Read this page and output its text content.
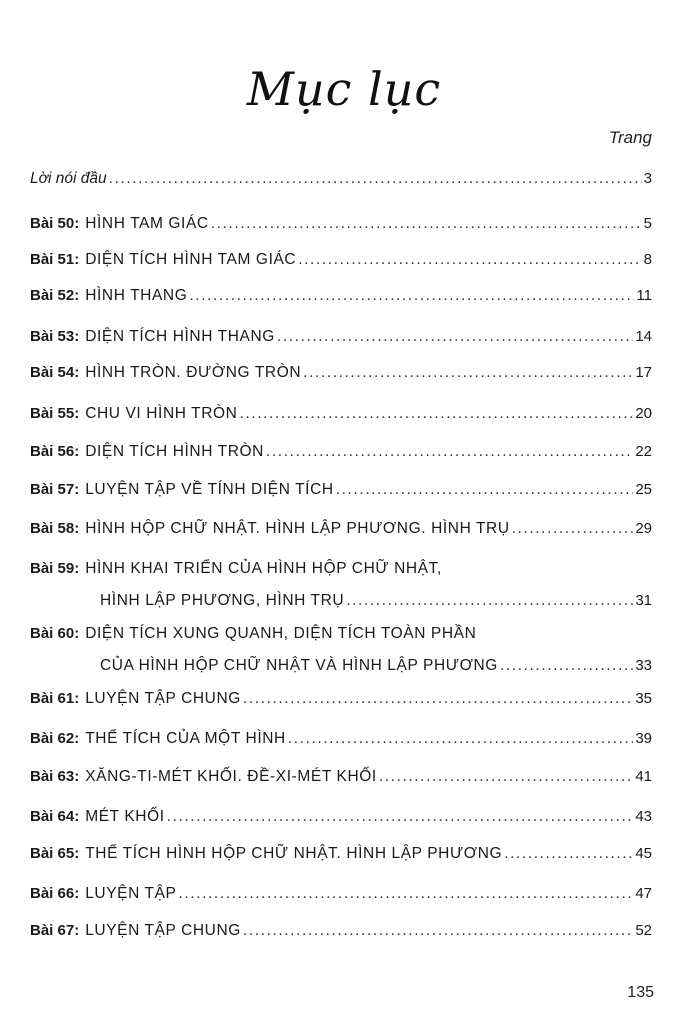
Mục lục
Trang
Lời nói đầu .....	3
Bài 50: HÌNH TAM GIÁC .....	5
Bài 51: DIỆN TÍCH HÌNH TAM GIÁC .....	8
Bài 52: HÌNH THANG .....	11
Bài 53: DIỆN TÍCH HÌNH THANG .....	14
Bài 54: HÌNH TRÒN. ĐƯỜNG TRÒN .....	17
Bài 55: CHU VI HÌNH TRÒN .....	20
Bài 56: DIỆN TÍCH HÌNH TRÒN .....	22
Bài 57: LUYỆN TẬP VỀ TÍNH DIỆN TÍCH .....	25
Bài 58: HÌNH HỘP CHỮ NHẬT. HÌNH LẬP PHƯƠNG. HÌNH TRỤ .....	29
Bài 59: HÌNH KHAI TRIỂN CỦA HÌNH HỘP CHỮ NHẬT,
HÌNH LẬP PHƯƠNG, HÌNH TRỤ .....	31
Bài 60: DIỆN TÍCH XUNG QUANH, DIỆN TÍCH TOÀN PHẦN
CỦA HÌNH HỘP CHỮ NHẬT VÀ HÌNH LẬP PHƯƠNG .....	33
Bài 61: LUYỆN TẬP CHUNG .....	35
Bài 62: THỂ TÍCH CỦA MỘT HÌNH .....	39
Bài 63: XĂNG-TI-MÉT KHỐI. ĐỀ-XI-MÉT KHỐI .....	41
Bài 64: MÉT KHỐI .....	43
Bài 65: THỂ TÍCH HÌNH HỘP CHỮ NHẬT. HÌNH LẬP PHƯƠNG .....	45
Bài 66: LUYỆN TẬP .....	47
Bài 67: LUYỆN TẬP CHUNG .....	52
135
